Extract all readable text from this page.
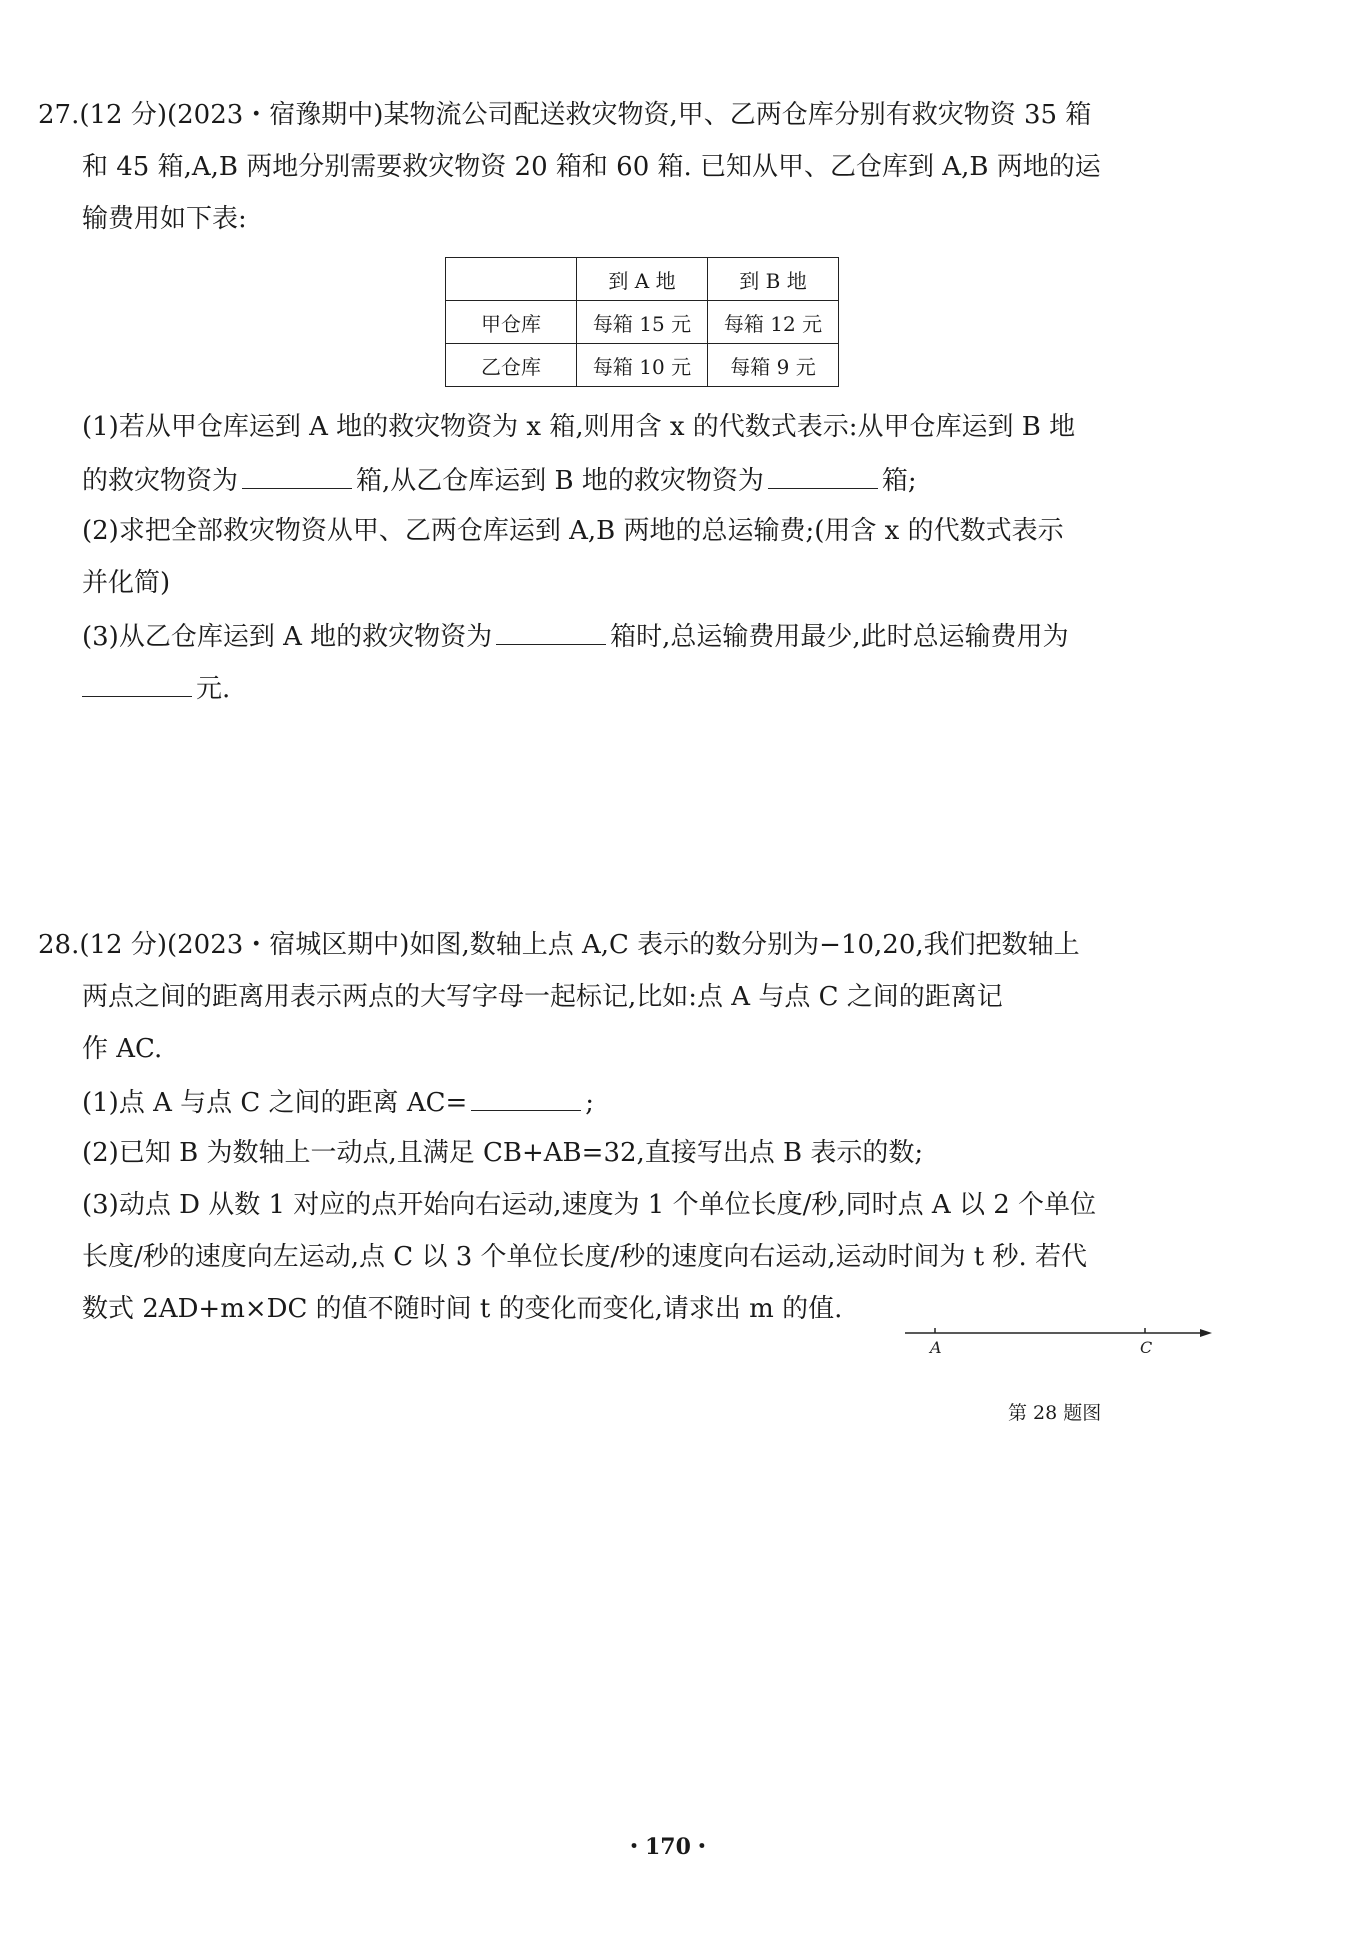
27.(12 分)(2023・宿豫期中)某物流公司配送救灾物资,甲、乙两仓库分别有救灾物资 35 箱
和 45 箱,A,B 两地分别需要救灾物资 20 箱和 60 箱. 已知从甲、乙仓库到 A,B 两地的运
输费用如下表:
	到 A 地	到 B 地
甲仓库	每箱 15 元	每箱 12 元
乙仓库	每箱 10 元	每箱 9 元
(1)若从甲仓库运到 A 地的救灾物资为 x 箱,则用含 x 的代数式表示:从甲仓库运到 B 地
的救灾物资为	箱,从乙仓库运到 B 地的救灾物资为	箱;
(2)求把全部救灾物资从甲、乙两仓库运到 A,B 两地的总运输费;(用含 x 的代数式表示
并化简)
(3)从乙仓库运到 A 地的救灾物资为	箱时,总运输费用最少,此时总运输费用为
元.
28.(12 分)(2023・宿城区期中)如图,数轴上点 A,C 表示的数分别为−10,20,我们把数轴上
两点之间的距离用表示两点的大写字母一起标记,比如:点 A 与点 C 之间的距离记
作 AC.
(1)点 A 与点 C 之间的距离 AC=	;
(2)已知 B 为数轴上一动点,且满足 CB+AB=32,直接写出点 B 表示的数;
(3)动点 D 从数 1 对应的点开始向右运动,速度为 1 个单位长度/秒,同时点 A 以 2 个单位
长度/秒的速度向左运动,点 C 以 3 个单位长度/秒的速度向右运动,运动时间为 t 秒. 若代
数式 2AD+m×DC 的值不随时间 t 的变化而变化,请求出 m 的值.
A	C
第 28 题图
・170・
